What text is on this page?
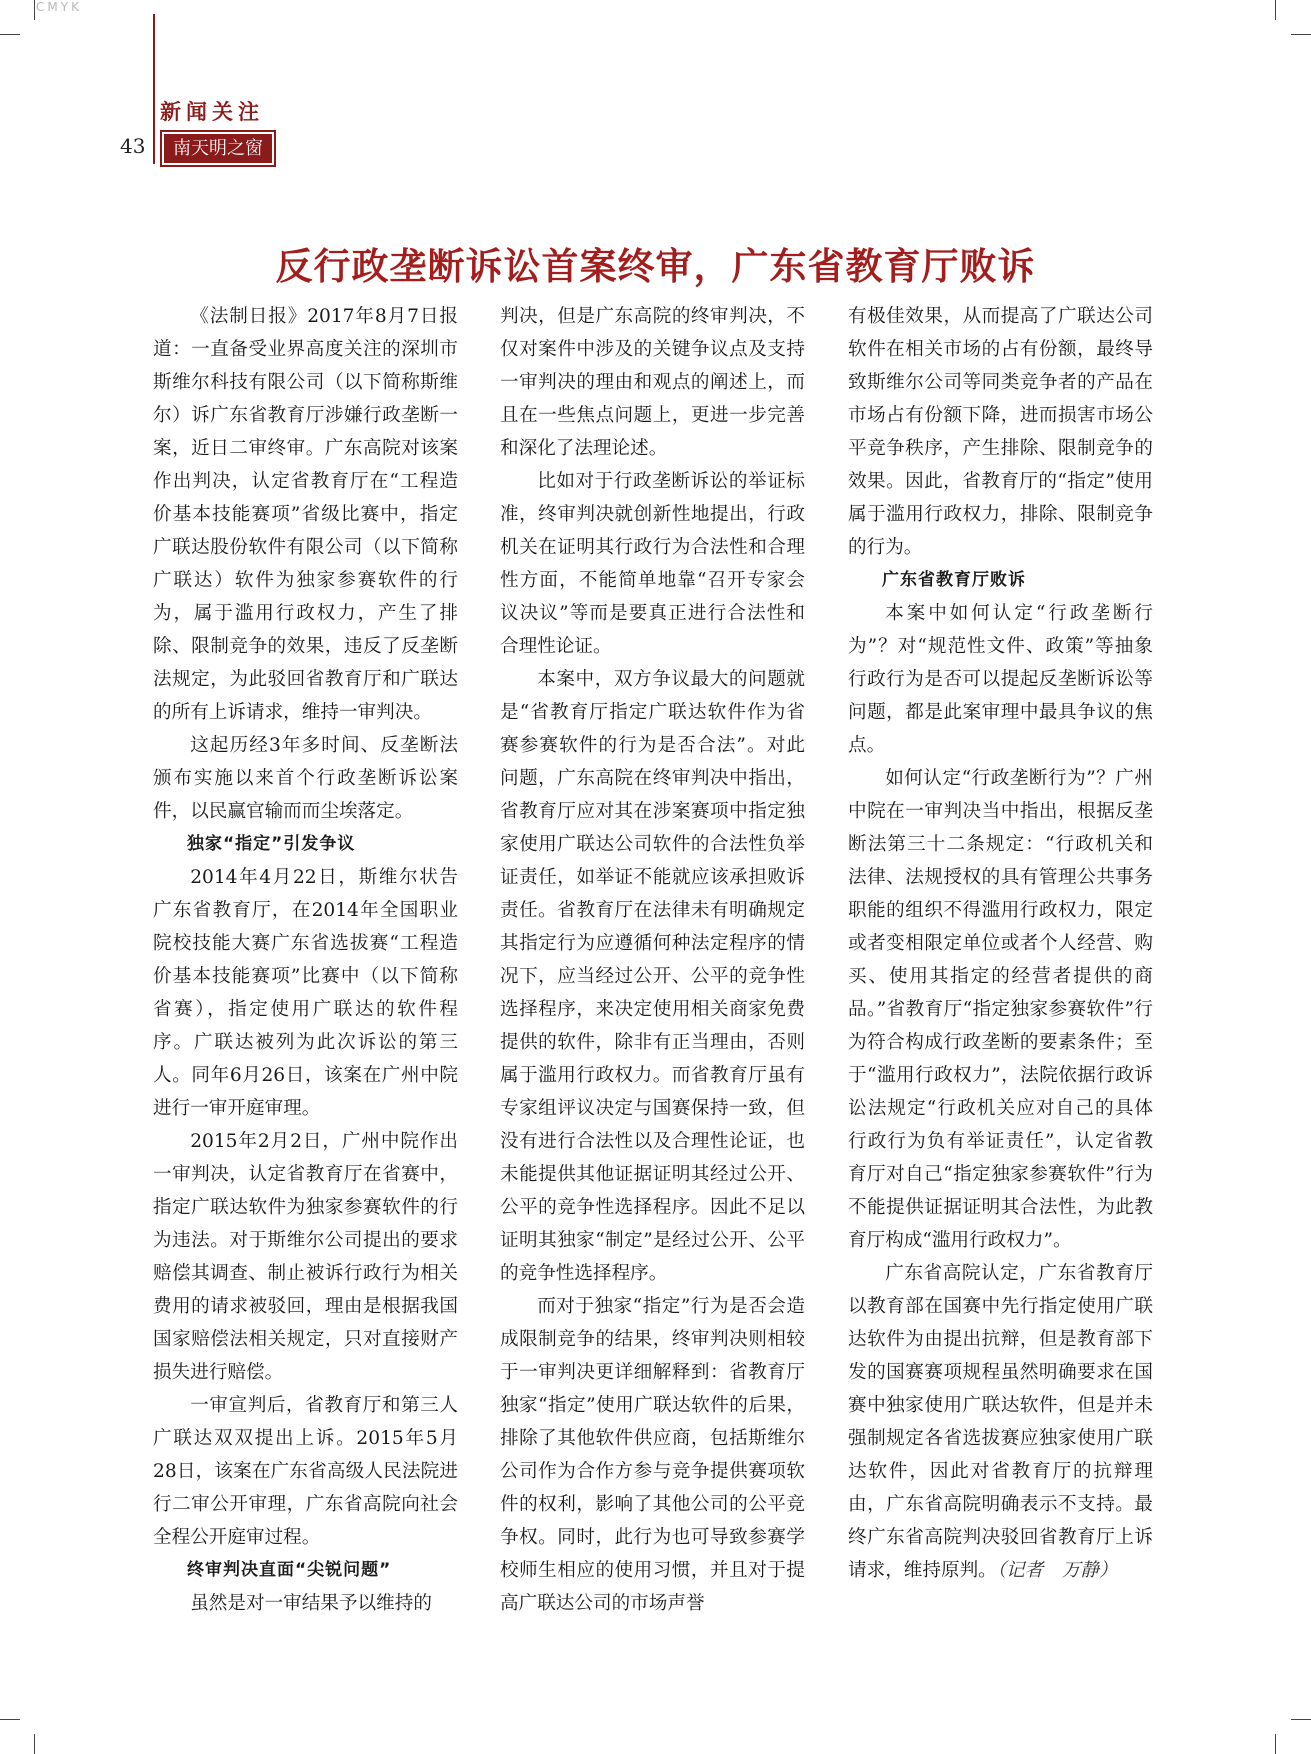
CMYK
新闻关注
43	南天明之窗
反行政垄断诉讼首案终审，广东省教育厅败诉

《法制日报》2017年8月7日报道：一直备受业界高度关注的深圳市斯维尔科技有限公司（以下简称斯维尔）诉广东省教育厅涉嫌行政垄断一案，近日二审终审。广东高院对该案作出判决，认定省教育厅在“工程造价基本技能赛项”省级比赛中，指定广联达股份软件有限公司（以下简称广联达）软件为独家参赛软件的行为，属于滥用行政权力，产生了排除、限制竞争的效果，违反了反垄断法规定，为此驳回省教育厅和广联达的所有上诉请求，维持一审判决。

这起历经3年多时间、反垄断法颁布实施以来首个行政垄断诉讼案件，以民赢官输而而尘埃落定。

独家“指定”引发争议

2014年4月22日，斯维尔状告广东省教育厅，在2014年全国职业院校技能大赛广东省选拔赛“工程造价基本技能赛项”比赛中（以下简称省赛），指定使用广联达的软件程序。广联达被列为此次诉讼的第三人。同年6月26日，该案在广州中院进行一审开庭审理。

2015年2月2日，广州中院作出一审判决，认定省教育厅在省赛中，指定广联达软件为独家参赛软件的行为违法。对于斯维尔公司提出的要求赔偿其调查、制止被诉行政行为相关费用的请求被驳回，理由是根据我国国家赔偿法相关规定，只对直接财产损失进行赔偿。

一审宣判后，省教育厅和第三人广联达双双提出上诉。2015年5月28日，该案在广东省高级人民法院进行二审公开审理，广东省高院向社会全程公开庭审过程。

终审判决直面“尖锐问题”

虽然是对一审结果予以维持的

判决，但是广东高院的终审判决，不仅对案件中涉及的关键争议点及支持一审判决的理由和观点的阐述上，而且在一些焦点问题上，更进一步完善和深化了法理论述。

比如对于行政垄断诉讼的举证标准，终审判决就创新性地提出，行政机关在证明其行政行为合法性和合理性方面，不能简单地靠“召开专家会议决议”等而是要真正进行合法性和合理性论证。

本案中，双方争议最大的问题就是“省教育厅指定广联达软件作为省赛参赛软件的行为是否合法”。对此问题，广东高院在终审判决中指出，省教育厅应对其在涉案赛项中指定独家使用广联达公司软件的合法性负举证责任，如举证不能就应该承担败诉责任。省教育厅在法律未有明确规定其指定行为应遵循何种法定程序的情况下，应当经过公开、公平的竞争性选择程序，来决定使用相关商家免费提供的软件，除非有正当理由，否则属于滥用行政权力。而省教育厅虽有专家组评议决定与国赛保持一致，但没有进行合法性以及合理性论证，也未能提供其他证据证明其经过公开、公平的竞争性选择程序。因此不足以证明其独家“制定”是经过公开、公平的竞争性选择程序。

而对于独家“指定”行为是否会造成限制竞争的结果，终审判决则相较于一审判决更详细解释到：省教育厅独家“指定”使用广联达软件的后果，排除了其他软件供应商，包括斯维尔公司作为合作方参与竞争提供赛项软件的权利，影响了其他公司的公平竞争权。同时，此行为也可导致参赛学校师生相应的使用习惯，并且对于提高广联达公司的市场声誉

有极佳效果，从而提高了广联达公司软件在相关市场的占有份额，最终导致斯维尔公司等同类竞争者的产品在市场占有份额下降，进而损害市场公平竞争秩序，产生排除、限制竞争的效果。因此，省教育厅的“指定”使用属于滥用行政权力，排除、限制竞争的行为。

广东省教育厅败诉

本案中如何认定“行政垄断行为”？对“规范性文件、政策”等抽象行政行为是否可以提起反垄断诉讼等问题，都是此案审理中最具争议的焦点。

如何认定“行政垄断行为”？广州中院在一审判决当中指出，根据反垄断法第三十二条规定：“行政机关和法律、法规授权的具有管理公共事务职能的组织不得滥用行政权力，限定或者变相限定单位或者个人经营、购买、使用其指定的经营者提供的商品。”省教育厅“指定独家参赛软件”行为符合构成行政垄断的要素条件；至于“滥用行政权力”，法院依据行政诉讼法规定“行政机关应对自己的具体行政行为负有举证责任”，认定省教育厅对自己“指定独家参赛软件”行为不能提供证据证明其合法性，为此教育厅构成“滥用行政权力”。

广东省高院认定，广东省教育厅以教育部在国赛中先行指定使用广联达软件为由提出抗辩，但是教育部下发的国赛赛项规程虽然明确要求在国赛中独家使用广联达软件，但是并未强制规定各省选拔赛应独家使用广联达软件，因此对省教育厅的抗辩理由，广东省高院明确表示不支持。最终广东省高院判决驳回省教育厅上诉请求，维持原判。（记者　万静）
